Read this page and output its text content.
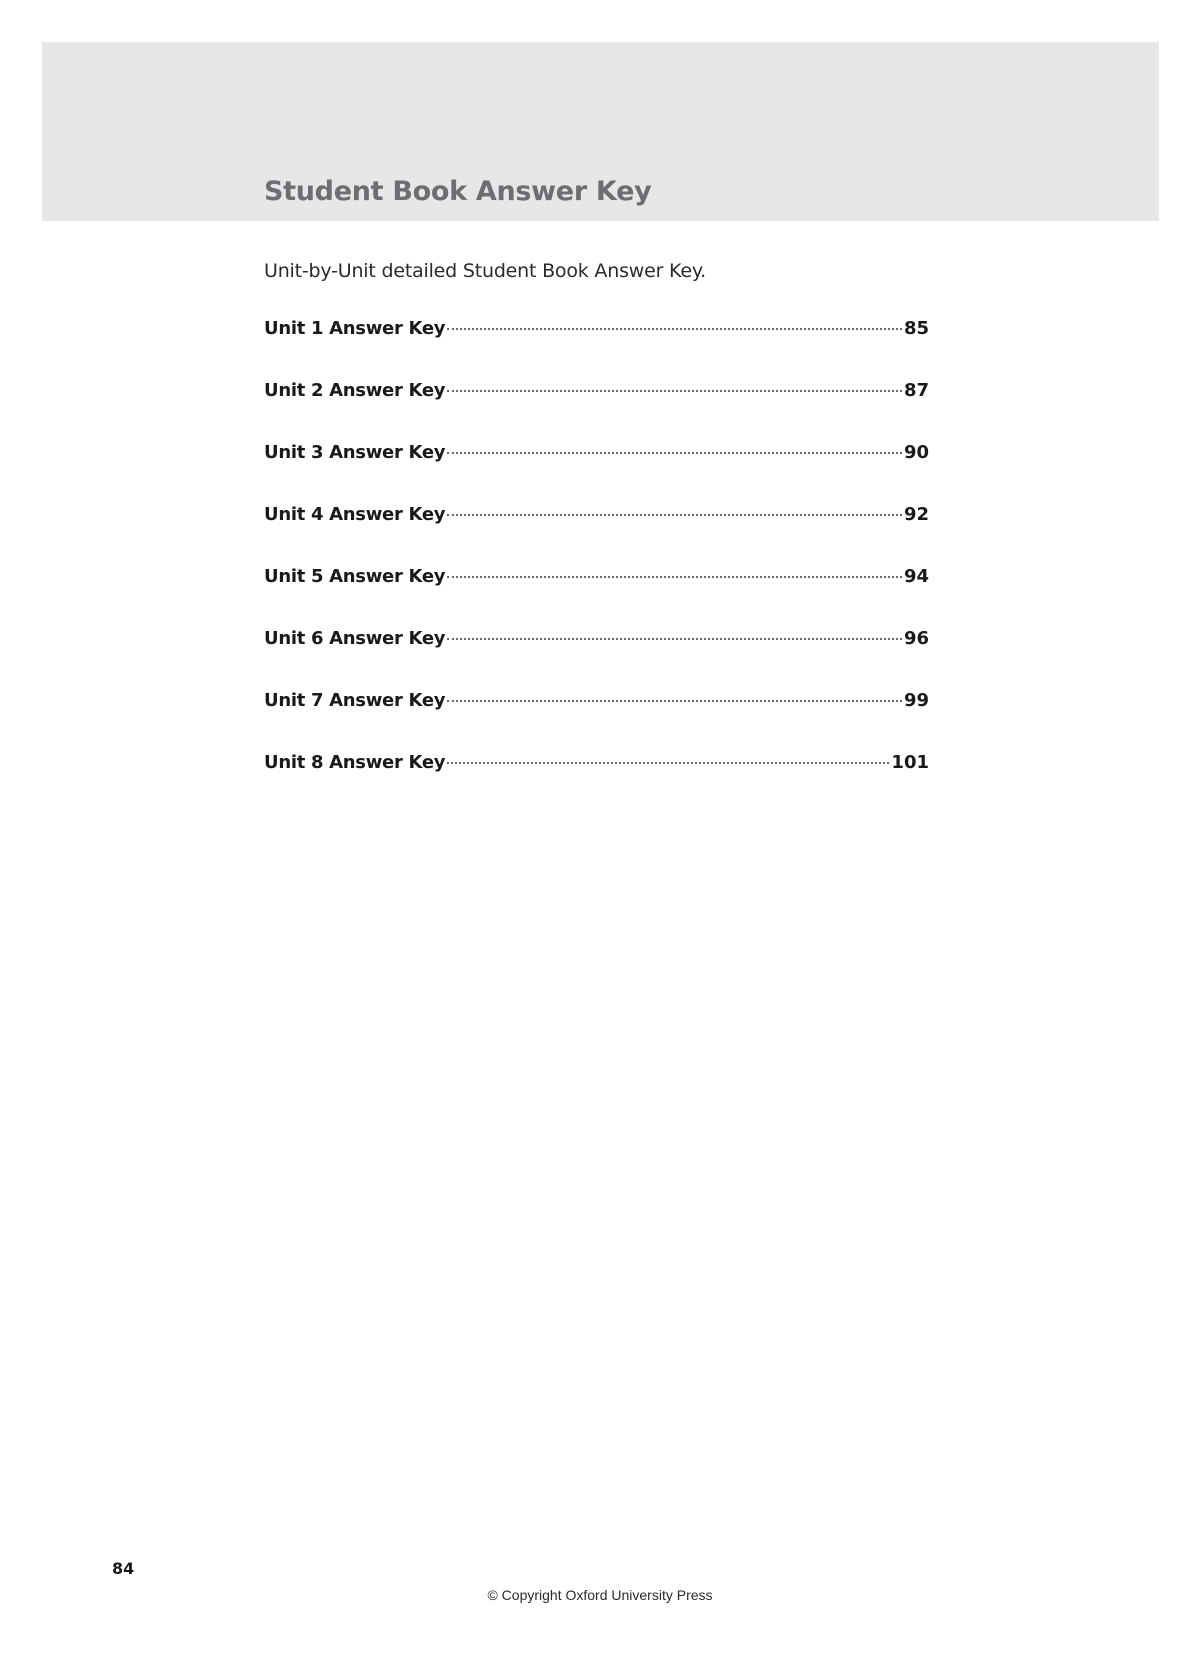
Student Book Answer Key

Unit-by-Unit detailed Student Book Answer Key.

Unit 1 Answer Key	85
Unit 2 Answer Key	87
Unit 3 Answer Key	90
Unit 4 Answer Key	92
Unit 5 Answer Key	94
Unit 6 Answer Key	96
Unit 7 Answer Key	99
Unit 8 Answer Key	101
84
© Copyright Oxford University Press
